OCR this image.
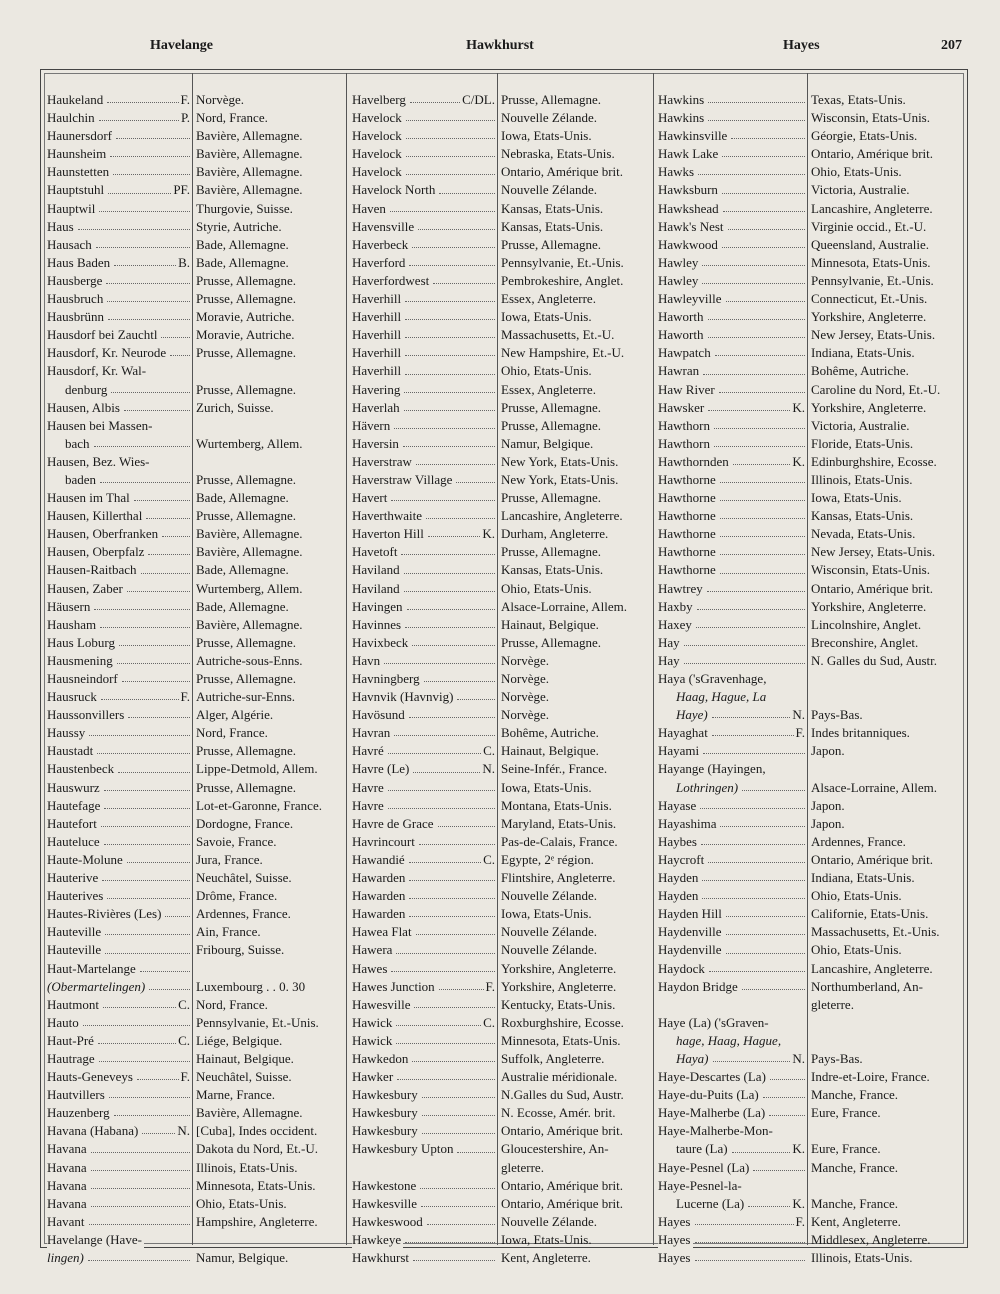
Havelange	Hawkhurst	Hayes	207
Haukeland	F. Norvège.
Haulchin	P. Nord, France.
Haunersdorf	Bavière, Allemagne.
Haunsheim	Bavière, Allemagne.
Haunstetten	Bavière, Allemagne.
Hauptstuhl	PF. Bavière, Allemagne.
Hauptwil	Thurgovie, Suisse.
Haus	Styrie, Autriche.
Hausach	Bade, Allemagne.
Haus Baden	B. Bade, Allemagne.
Hausberge	Prusse, Allemagne.
Hausbruch	Prusse, Allemagne.
Hausbrünn	Moravie, Autriche.
Hausdorf bei Zauchtl	Moravie, Autriche.
Hausdorf, Kr. Neurode	Prusse, Allemagne.
Hausdorf, Kr. Wal-
denburg	Prusse, Allemagne.
Hausen, Albis	Zurich, Suisse.
Hausen bei Massen-
bach	Wurtemberg, Allem.
Hausen, Bez. Wies-
baden	Prusse, Allemagne.
Hausen im Thal	Bade, Allemagne.
Hausen, Killerthal	Prusse, Allemagne.
Hausen, Oberfranken	Bavière, Allemagne.
Hausen, Oberpfalz	Bavière, Allemagne.
Hausen-Raitbach	Bade, Allemagne.
Hausen, Zaber	Wurtemberg, Allem.
Häusern	Bade, Allemagne.
Hausham	Bavière, Allemagne.
Haus Loburg	Prusse, Allemagne.
Hausmening	Autriche-sous-Enns.
Hausneindorf	Prusse, Allemagne.
Hausruck	F. Autriche-sur-Enns.
Haussonvillers	Alger, Algérie.
Haussy	Nord, France.
Haustadt	Prusse, Allemagne.
Haustenbeck	Lippe-Detmold, Allem.
Hauswurz	Prusse, Allemagne.
Hautefage	Lot-et-Garonne, France.
Hautefort	Dordogne, France.
Hauteluce	Savoie, France.
Haute-Molune	Jura, France.
Hauterive	Neuchâtel, Suisse.
Hauterives	Drôme, France.
Hautes-Rivières (Les)	Ardennes, France.
Hauteville	Ain, France.
Hauteville	Fribourg, Suisse.
Haut-Martelange
(Obermartelingen)	Luxembourg . . 0. 30
Hautmont	C. Nord, France.
Hauto	Pennsylvanie, Et.-Unis.
Haut-Pré	C. Liége, Belgique.
Hautrage	Hainaut, Belgique.
Hauts-Geneveys	F. Neuchâtel, Suisse.
Hautvillers	Marne, France.
Hauzenberg	Bavière, Allemagne.
Havana (Habana)	N. [Cuba], Indes occident.
Havana	Dakota du Nord, Et.-U.
Havana	Illinois, Etats-Unis.
Havana	Minnesota, Etats-Unis.
Havana	Ohio, Etats-Unis.
Havant	Hampshire, Angleterre.
Havelange (Have-
lingen)	Namur, Belgique.
Havelberg	C/DL. Prusse, Allemagne.
Havelock	Nouvelle Zélande.
Havelock	Iowa, Etats-Unis.
Havelock	Nebraska, Etats-Unis.
Havelock	Ontario, Amérique brit.
Havelock North	Nouvelle Zélande.
Haven	Kansas, Etats-Unis.
Havensville	Kansas, Etats-Unis.
Haverbeck	Prusse, Allemagne.
Haverford	Pennsylvanie, Et.-Unis.
Haverfordwest	Pembrokeshire, Anglet.
Haverhill	Essex, Angleterre.
Haverhill	Iowa, Etats-Unis.
Haverhill	Massachusetts, Et.-U.
Haverhill	New Hampshire, Et.-U.
Haverhill	Ohio, Etats-Unis.
Havering	Essex, Angleterre.
Haverlah	Prusse, Allemagne.
Hävern	Prusse, Allemagne.
Haversin	Namur, Belgique.
Haverstraw	New York, Etats-Unis.
Haverstraw Village	New York, Etats-Unis.
Havert	Prusse, Allemagne.
Haverthwaite	Lancashire, Angleterre.
Haverton Hill	K. Durham, Angleterre.
Havetoft	Prusse, Allemagne.
Haviland	Kansas, Etats-Unis.
Haviland	Ohio, Etats-Unis.
Havingen	Alsace-Lorraine, Allem.
Havinnes	Hainaut, Belgique.
Havixbeck	Prusse, Allemagne.
Havn	Norvège.
Havningberg	Norvège.
Havnvik (Havnvig)	Norvège.
Havösund	Norvège.
Havran	Bohême, Autriche.
Havré	C. Hainaut, Belgique.
Havre (Le)	N. Seine-Infér., France.
Havre	Iowa, Etats-Unis.
Havre	Montana, Etats-Unis.
Havre de Grace	Maryland, Etats-Unis.
Havrincourt	Pas-de-Calais, France.
Hawandié	C. Egypte, 2ᵉ région.
Hawarden	Flintshire, Angleterre.
Hawarden	Nouvelle Zélande.
Hawarden	Iowa, Etats-Unis.
Hawea Flat	Nouvelle Zélande.
Hawera	Nouvelle Zélande.
Hawes	Yorkshire, Angleterre.
Hawes Junction	F. Yorkshire, Angleterre.
Hawesville	Kentucky, Etats-Unis.
Hawick	C. Roxburghshire, Ecosse.
Hawick	Minnesota, Etats-Unis.
Hawkedon	Suffolk, Angleterre.
Hawker	Australie méridionale.
Hawkesbury	N.Galles du Sud, Austr.
Hawkesbury	N. Ecosse, Amér. brit.
Hawkesbury	Ontario, Amérique brit.
Hawkesbury Upton	Gloucestershire, An-
gleterre.
Hawkestone	Ontario, Amérique brit.
Hawkesville	Ontario, Amérique brit.
Hawkeswood	Nouvelle Zélande.
Hawkeye	Iowa, Etats-Unis.
Hawkhurst	Kent, Angleterre.
Hawkins	Texas, Etats-Unis.
Hawkins	Wisconsin, Etats-Unis.
Hawkinsville	Géorgie, Etats-Unis.
Hawk Lake	Ontario, Amérique brit.
Hawks	Ohio, Etats-Unis.
Hawksburn	Victoria, Australie.
Hawkshead	Lancashire, Angleterre.
Hawk's Nest	Virginie occid., Et.-U.
Hawkwood	Queensland, Australie.
Hawley	Minnesota, Etats-Unis.
Hawley	Pennsylvanie, Et.-Unis.
Hawleyville	Connecticut, Et.-Unis.
Haworth	Yorkshire, Angleterre.
Haworth	New Jersey, Etats-Unis.
Hawpatch	Indiana, Etats-Unis.
Hawran	Bohême, Autriche.
Haw River	Caroline du Nord, Et.-U.
Hawsker	K. Yorkshire, Angleterre.
Hawthorn	Victoria, Australie.
Hawthorn	Floride, Etats-Unis.
Hawthornden	K. Edinburghshire, Ecosse.
Hawthorne	Illinois, Etats-Unis.
Hawthorne	Iowa, Etats-Unis.
Hawthorne	Kansas, Etats-Unis.
Hawthorne	Nevada, Etats-Unis.
Hawthorne	New Jersey, Etats-Unis.
Hawthorne	Wisconsin, Etats-Unis.
Hawtrey	Ontario, Amérique brit.
Haxby	Yorkshire, Angleterre.
Haxey	Lincolnshire, Anglet.
Hay	Breconshire, Anglet.
Hay	N. Galles du Sud, Austr.
Haya ('sGravenhage,
Haag, Hague, La
Haye)	N. Pays-Bas.
Hayaghat	F. Indes britanniques.
Hayami	Japon.
Hayange (Hayingen,
Lothringen)	Alsace-Lorraine, Allem.
Hayase	Japon.
Hayashima	Japon.
Haybes	Ardennes, France.
Haycroft	Ontario, Amérique brit.
Hayden	Indiana, Etats-Unis.
Hayden	Ohio, Etats-Unis.
Hayden Hill	Californie, Etats-Unis.
Haydenville	Massachusetts, Et.-Unis.
Haydenville	Ohio, Etats-Unis.
Haydock	Lancashire, Angleterre.
Haydon Bridge	Northumberland, An-
gleterre.
Haye (La) ('sGraven-
hage, Haag, Hague,
Haya)	N. Pays-Bas.
Haye-Descartes (La)	Indre-et-Loire, France.
Haye-du-Puits (La)	Manche, France.
Haye-Malherbe (La)	Eure, France.
Haye-Malherbe-Mon-
taure (La)	K. Eure, France.
Haye-Pesnel (La)	Manche, France.
Haye-Pesnel-la-
Lucerne (La)	K. Manche, France.
Hayes	F. Kent, Angleterre.
Hayes	Middlesex, Angleterre.
Hayes	Illinois, Etats-Unis.
